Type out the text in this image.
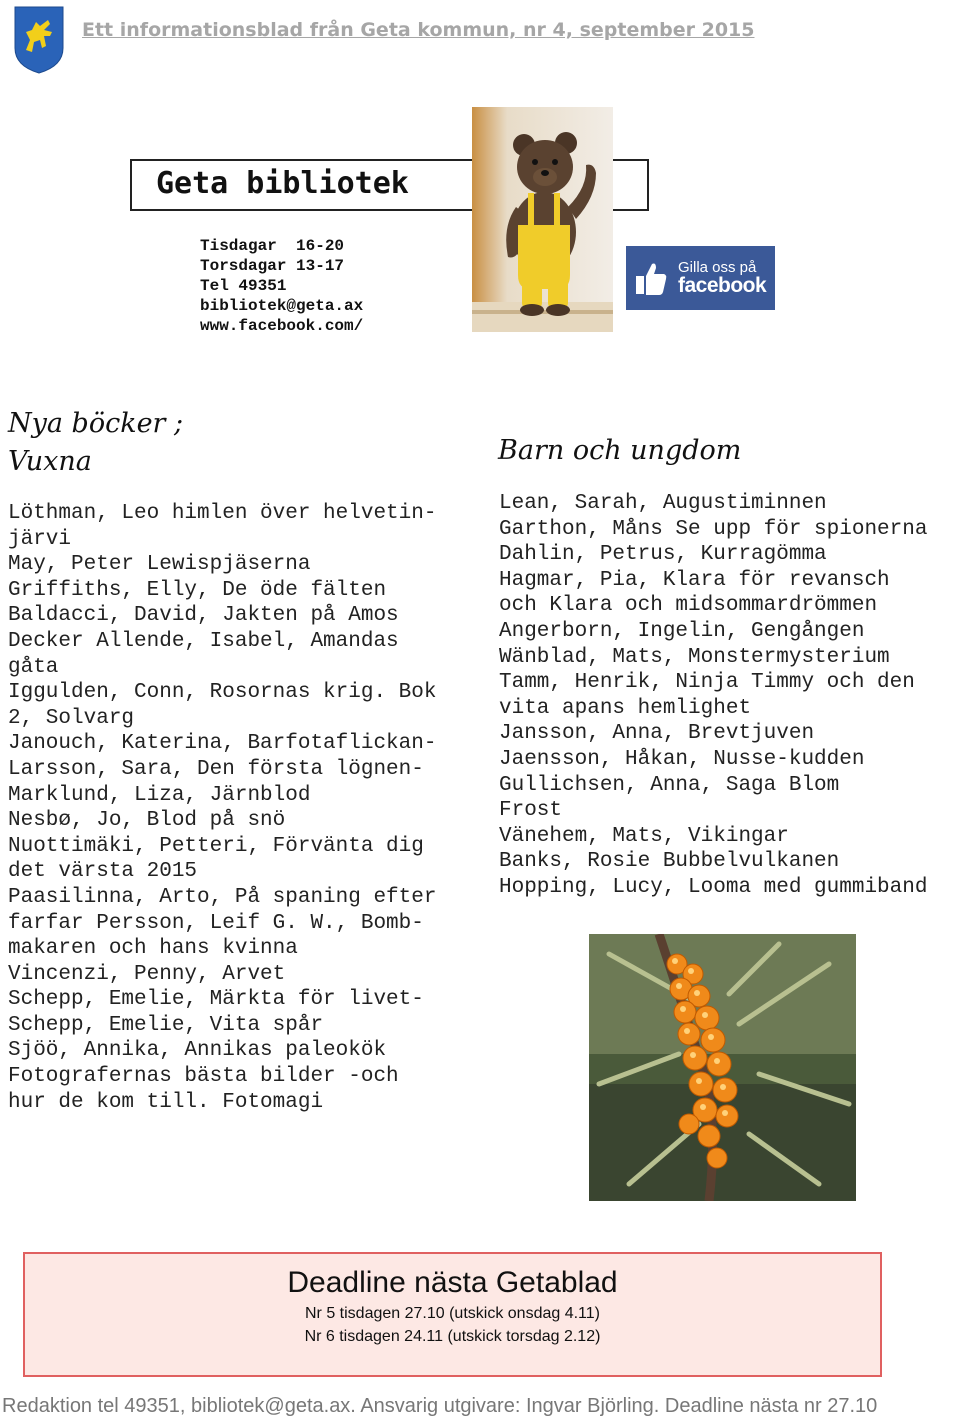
Ett informationsblad från Geta kommun, nr 4, september 2015
Geta bibliotek
Tisdagar  16-20
Torsdagar 13-17
Tel 49351
bibliotek@geta.ax
www.facebook.com/
Gilla oss på
facebook
Nya böcker ;
Vuxna
Löthman, Leo himlen över helvetin-
järvi
May, Peter Lewispjäserna
Griffiths, Elly, De öde fälten
Baldacci, David, Jakten på Amos
Decker Allende, Isabel, Amandas
gåta
Iggulden, Conn, Rosornas krig. Bok
2, Solvarg
Janouch, Katerina, Barfotaflickan-
Larsson, Sara, Den första lögnen-
Marklund, Liza, Järnblod
Nesbø, Jo, Blod på snö
Nuottimäki, Petteri, Förvänta dig
det värsta 2015
Paasilinna, Arto, På spaning efter
farfar Persson, Leif G. W., Bomb-
makaren och hans kvinna
Vincenzi, Penny, Arvet
Schepp, Emelie, Märkta för livet-
Schepp, Emelie, Vita spår
Sjöö, Annika, Annikas paleokök
Fotografernas bästa bilder -och
hur de kom till. Fotomagi
Barn och ungdom
Lean, Sarah, Augustiminnen
Garthon, Måns Se upp för spionerna
Dahlin, Petrus, Kurragömma
Hagmar, Pia, Klara för revansch
och Klara och midsommardrömmen
Angerborn, Ingelin, Gengången
Wänblad, Mats, Monstermysterium
Tamm, Henrik, Ninja Timmy och den
vita apans hemlighet
Jansson, Anna, Brevtjuven
Jaensson, Håkan, Nusse-kudden
Gullichsen, Anna, Saga Blom
Frost
Vänehem, Mats, Vikingar
Banks, Rosie Bubbelvulkanen
Hopping, Lucy, Looma med gummiband
Deadline nästa Getablad
Nr 5 tisdagen 27.10 (utskick onsdag 4.11)
Nr 6 tisdagen 24.11 (utskick torsdag 2.12)
Redaktion tel 49351, bibliotek@geta.ax. Ansvarig utgivare: Ingvar Björling. Deadline nästa nr 27.10
